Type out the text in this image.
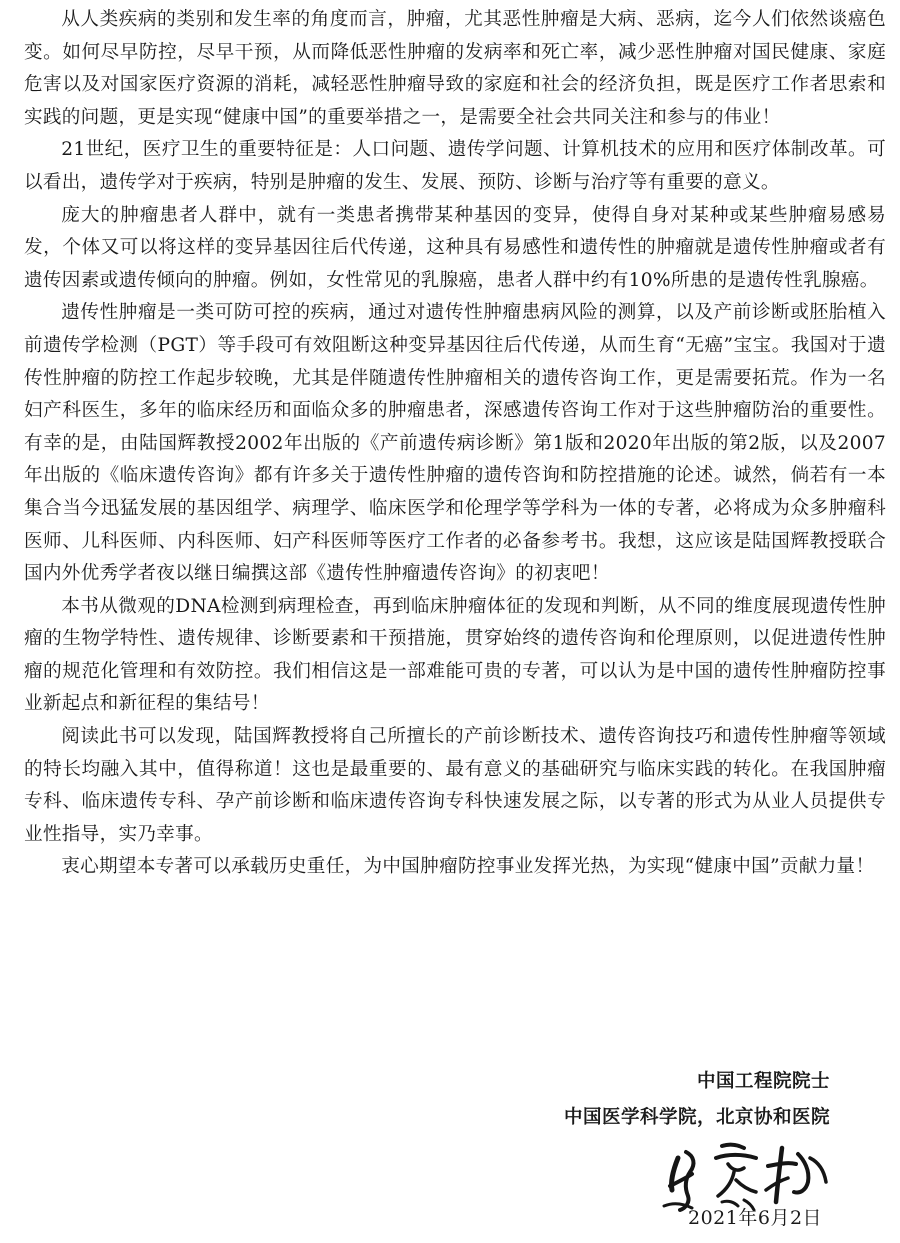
从人类疾病的类别和发生率的角度而言，肿瘤，尤其恶性肿瘤是大病、恶病，迄今人们依然谈癌色变。如何尽早防控，尽早干预，从而降低恶性肿瘤的发病率和死亡率，减少恶性肿瘤对国民健康、家庭危害以及对国家医疗资源的消耗，减轻恶性肿瘤导致的家庭和社会的经济负担，既是医疗工作者思索和实践的问题，更是实现“健康中国”的重要举措之一，是需要全社会共同关注和参与的伟业！

21世纪，医疗卫生的重要特征是：人口问题、遗传学问题、计算机技术的应用和医疗体制改革。可以看出，遗传学对于疾病，特别是肿瘤的发生、发展、预防、诊断与治疗等有重要的意义。

庞大的肿瘤患者人群中，就有一类患者携带某种基因的变异，使得自身对某种或某些肿瘤易感易发，个体又可以将这样的变异基因往后代传递，这种具有易感性和遗传性的肿瘤就是遗传性肿瘤或者有遗传因素或遗传倾向的肿瘤。例如，女性常见的乳腺癌，患者人群中约有10%所患的是遗传性乳腺癌。

遗传性肿瘤是一类可防可控的疾病，通过对遗传性肿瘤患病风险的测算，以及产前诊断或胚胎植入前遗传学检测（PGT）等手段可有效阻断这种变异基因往后代传递，从而生育“无癌”宝宝。我国对于遗传性肿瘤的防控工作起步较晚，尤其是伴随遗传性肿瘤相关的遗传咨询工作，更是需要拓荒。作为一名妇产科医生，多年的临床经历和面临众多的肿瘤患者，深感遗传咨询工作对于这些肿瘤防治的重要性。有幸的是，由陆国辉教授2002年出版的《产前遗传病诊断》第1版和2020年出版的第2版，以及2007年出版的《临床遗传咨询》都有许多关于遗传性肿瘤的遗传咨询和防控措施的论述。诚然，倘若有一本集合当今迅猛发展的基因组学、病理学、临床医学和伦理学等学科为一体的专著，必将成为众多肿瘤科医师、儿科医师、内科医师、妇产科医师等医疗工作者的必备参考书。我想，这应该是陆国辉教授联合国内外优秀学者夜以继日编撰这部《遗传性肿瘤遗传咨询》的初衷吧！

本书从微观的DNA检测到病理检查，再到临床肿瘤体征的发现和判断，从不同的维度展现遗传性肿瘤的生物学特性、遗传规律、诊断要素和干预措施，贯穿始终的遗传咨询和伦理原则，以促进遗传性肿瘤的规范化管理和有效防控。我们相信这是一部难能可贵的专著，可以认为是中国的遗传性肿瘤防控事业新起点和新征程的集结号！

阅读此书可以发现，陆国辉教授将自己所擅长的产前诊断技术、遗传咨询技巧和遗传性肿瘤等领域的特长均融入其中，值得称道！这也是最重要的、最有意义的基础研究与临床实践的转化。在我国肿瘤专科、临床遗传专科、孕产前诊断和临床遗传咨询专科快速发展之际，以专著的形式为从业人员提供专业性指导，实乃幸事。

衷心期望本专著可以承载历史重任，为中国肿瘤防控事业发挥光热，为实现“健康中国”贡献力量！

中国工程院院士
中国医学科学院，北京协和医院
2021年6月2日
